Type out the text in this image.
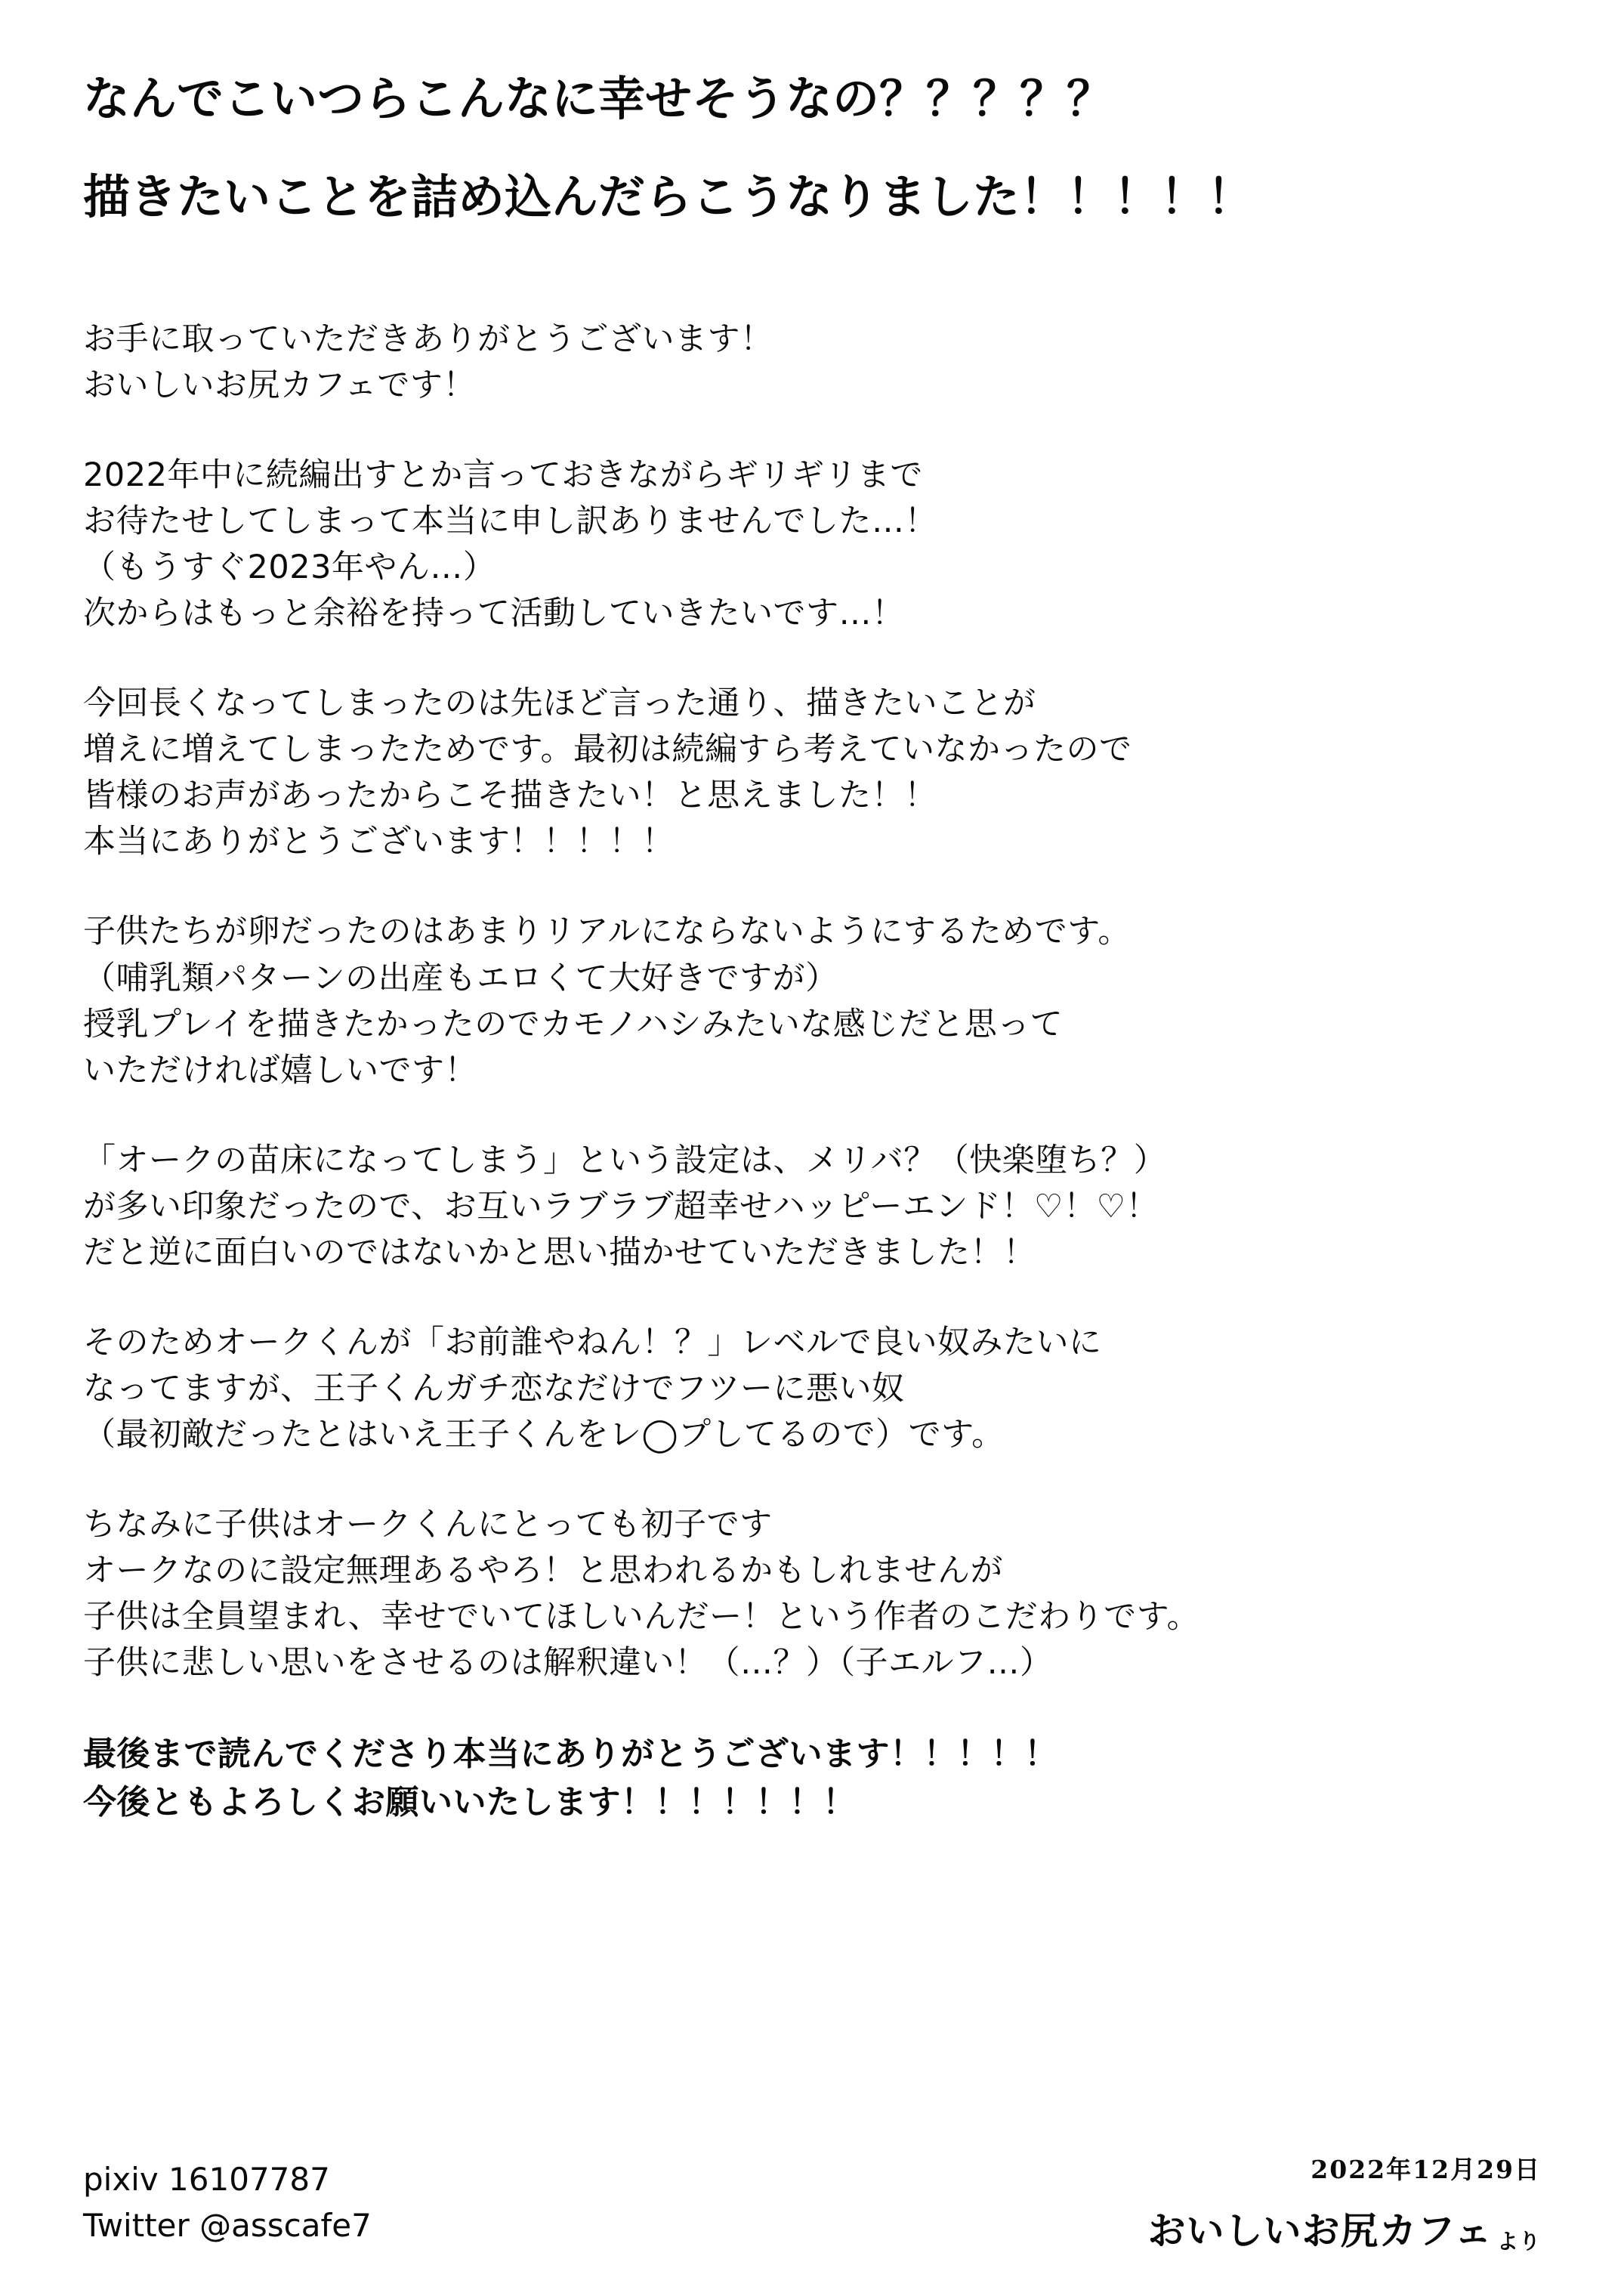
なんでこいつらこんなに幸せそうなの？？？？？
描きたいことを詰め込んだらこうなりました！！！！！
お手に取っていただきありがとうございます！
おいしいお尻カフェです！
2022年中に続編出すとか言っておきながらギリギリまで
お待たせしてしまって本当に申し訳ありませんでした…！
（もうすぐ2023年やん…）
次からはもっと余裕を持って活動していきたいです…！
今回長くなってしまったのは先ほど言った通り、描きたいことが
増えに増えてしまったためです。最初は続編すら考えていなかったので
皆様のお声があったからこそ描きたい！と思えました！！
本当にありがとうございます！！！！！
子供たちが卵だったのはあまりリアルにならないようにするためです。
（哺乳類パターンの出産もエロくて大好きですが）
授乳プレイを描きたかったのでカモノハシみたいな感じだと思って
いただければ嬉しいです！
「オークの苗床になってしまう」という設定は、メリバ？（快楽堕ち？）
が多い印象だったので、お互いラブラブ超幸せハッピーエンド！♡！♡！
だと逆に面白いのではないかと思い描かせていただきました！！
そのためオークくんが「お前誰やねん！？」レベルで良い奴みたいに
なってますが、王子くんガチ恋なだけでフツーに悪い奴
（最初敵だったとはいえ王子くんをレ◯プしてるので）です。
ちなみに子供はオークくんにとっても初子です
オークなのに設定無理あるやろ！と思われるかもしれませんが
子供は全員望まれ、幸せでいてほしいんだー！という作者のこだわりです。
子供に悲しい思いをさせるのは解釈違い！（…？）（子エルフ…）
最後まで読んでくださり本当にありがとうございます！！！！！
今後ともよろしくお願いいたします！！！！！！！
pixiv 16107787
Twitter @asscafe7
2022年12月29日
おいしいお尻カフェ より
